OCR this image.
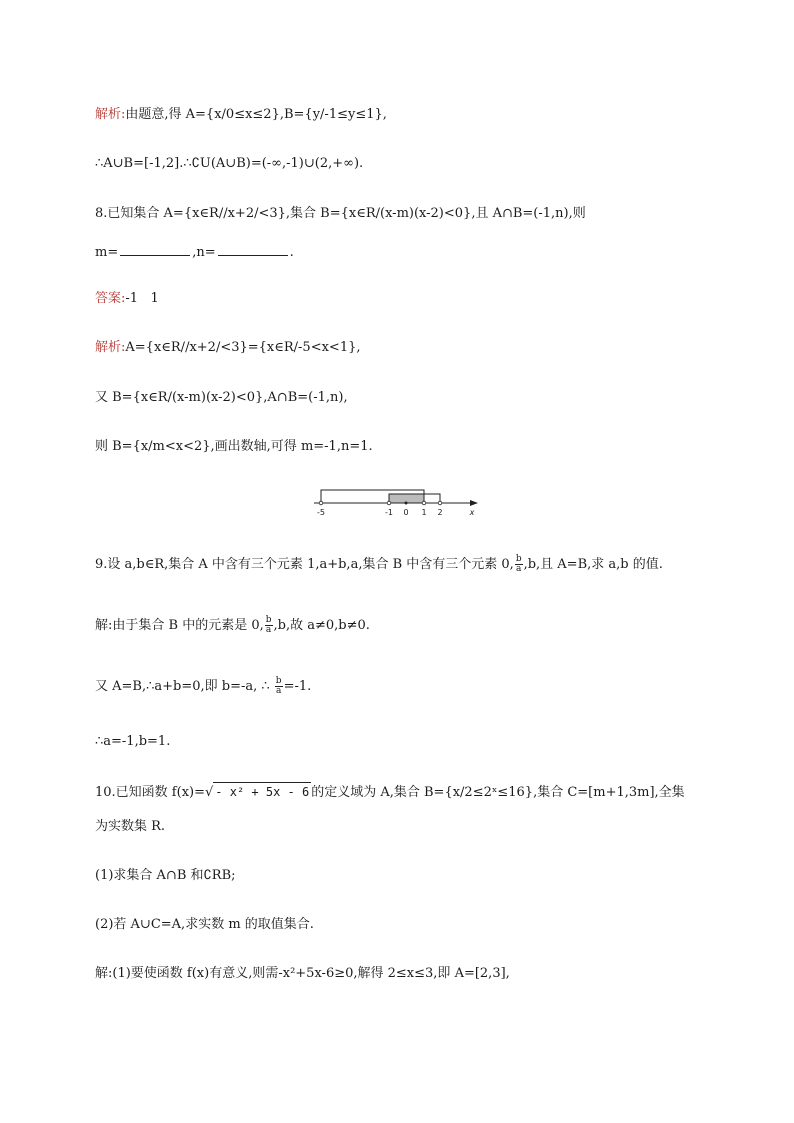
解析:由题意,得 A={x/0≤x≤2},B={y/-1≤y≤1},
∴A∪B=[-1,2].∴∁U(A∪B)=(-∞,-1)∪(2,+∞).
8.已知集合 A={x∈R//x+2/<3},集合 B={x∈R/(x-m)(x-2)<0},且 A∩B=(-1,n),则
m=	,n=	.
答案:-1   1
解析:A={x∈R//x+2/<3}={x∈R/-5<x<1},
又 B={x∈R/(x-m)(x-2)<0},A∩B=(-1,n),
则 B={x/m<x<2},画出数轴,可得 m=-1,n=1.
-5	-1 0 1 2	x
9.设 a,b∈R,集合 A 中含有三个元素 1,a+b,a,集合 B 中含有三个元素 0, $\frac{b}{a} ,b$,且 A=B,求 a,b 的值.
解:由于集合 B 中的元素是 0, $\frac{b}{a} ,b$,故 a≠0,b≠0.
又 A=B,∴a+b=0,即 b=-a, ∴ $\frac{b}{a} =-1$.
∴a=-1,b=1.
10.已知函数 f(x)=√ - x² + 5x - 6 的定义域为 A,集合 B={x/2≤2ˣ≤16},集合 C=[m+1,3m],全集
为实数集 R.
(1)求集合 A∩B 和∁RB;
(2)若 A∪C=A,求实数 m 的取值集合.
解:(1)要使函数 f(x)有意义,则需-x²+5x-6≥0,解得 2≤x≤3,即 A=[2,3],
